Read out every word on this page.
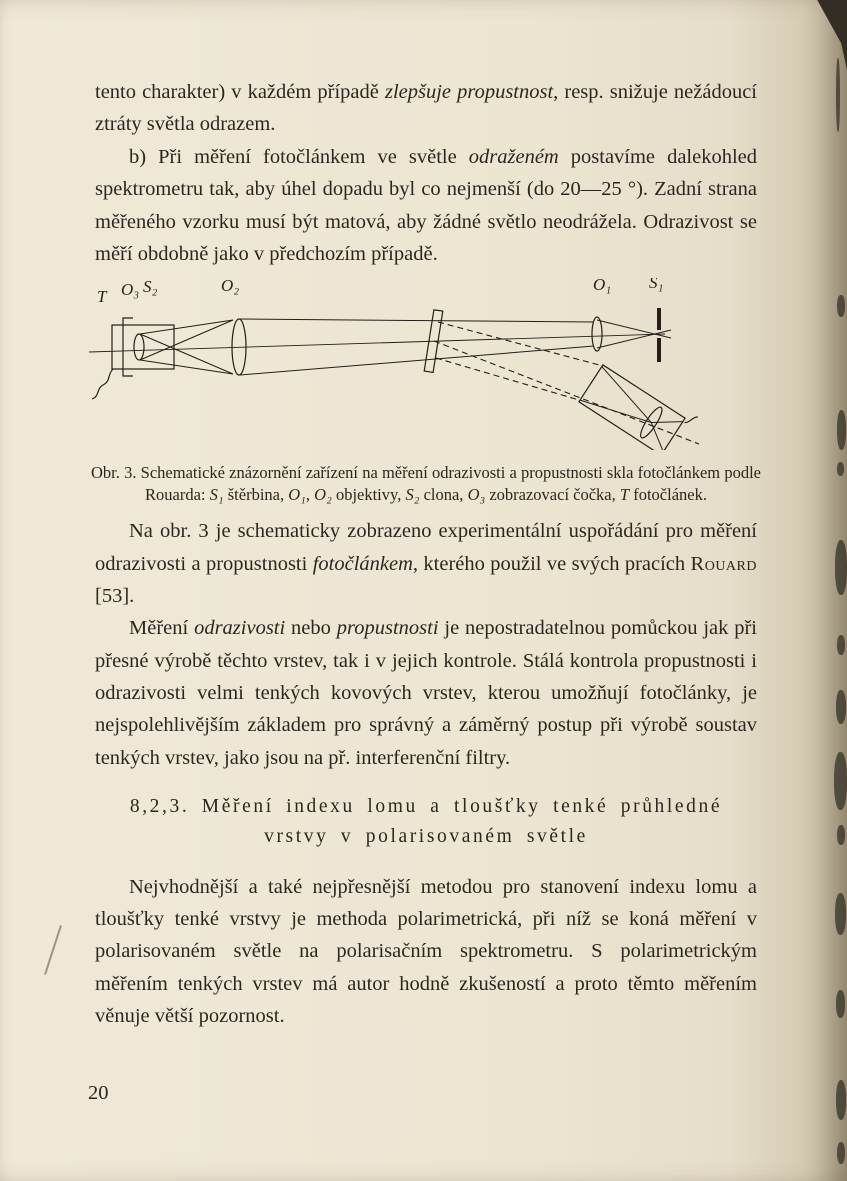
tento charakter) v každém případě zlepšuje propustnost, resp. snižuje nežádoucí ztráty světla odrazem.

b) Při měření fotočlánkem ve světle odraženém postavíme dalekohled spektrometru tak, aby úhel dopadu byl co nejmenší (do 20—25 °). Zadní strana měřeného vzorku musí být matová, aby žádné světlo neodrážela. Odrazivost se měří obdobně jako v předchozím případě.

T O₃ S₂	O₂	O₁ S₁
Obr. 3. Schematické znázornění zařízení na měření odrazivosti a propustnosti skla fotočlánkem podle Rouarda: S₁ štěrbina, O₁, O₂ objektivy, S₂ clona, O₃ zobrazovací čočka, T fotočlánek.

Na obr. 3 je schematicky zobrazeno experimentální uspořádání pro měření odrazivosti a propustnosti fotočlánkem, kterého použil ve svých pracích Rouard [53].

Měření odrazivosti nebo propustnosti je nepostradatelnou pomůckou jak při přesné výrobě těchto vrstev, tak i v jejich kontrole. Stálá kontrola propustnosti i odrazivosti velmi tenkých kovových vrstev, kterou umožňují fotočlánky, je nejspolehlivějším základem pro správný a záměrný postup při výrobě soustav tenkých vrstev, jako jsou na př. interferenční filtry.

8,2,3. Měření indexu lomu a tloušťky tenké průhledné
vrstvy v polarisovaném světle

Nejvhodnější a také nejpřesnější metodou pro stanovení indexu lomu a tloušťky tenké vrstvy je methoda polarimetrická, při níž se koná měření v polarisovaném světle na polarisačním spektrometru. S polarimetrickým měřením tenkých vrstev má autor hodně zkušeností a proto těmto měřením věnuje větší pozornost.

20
